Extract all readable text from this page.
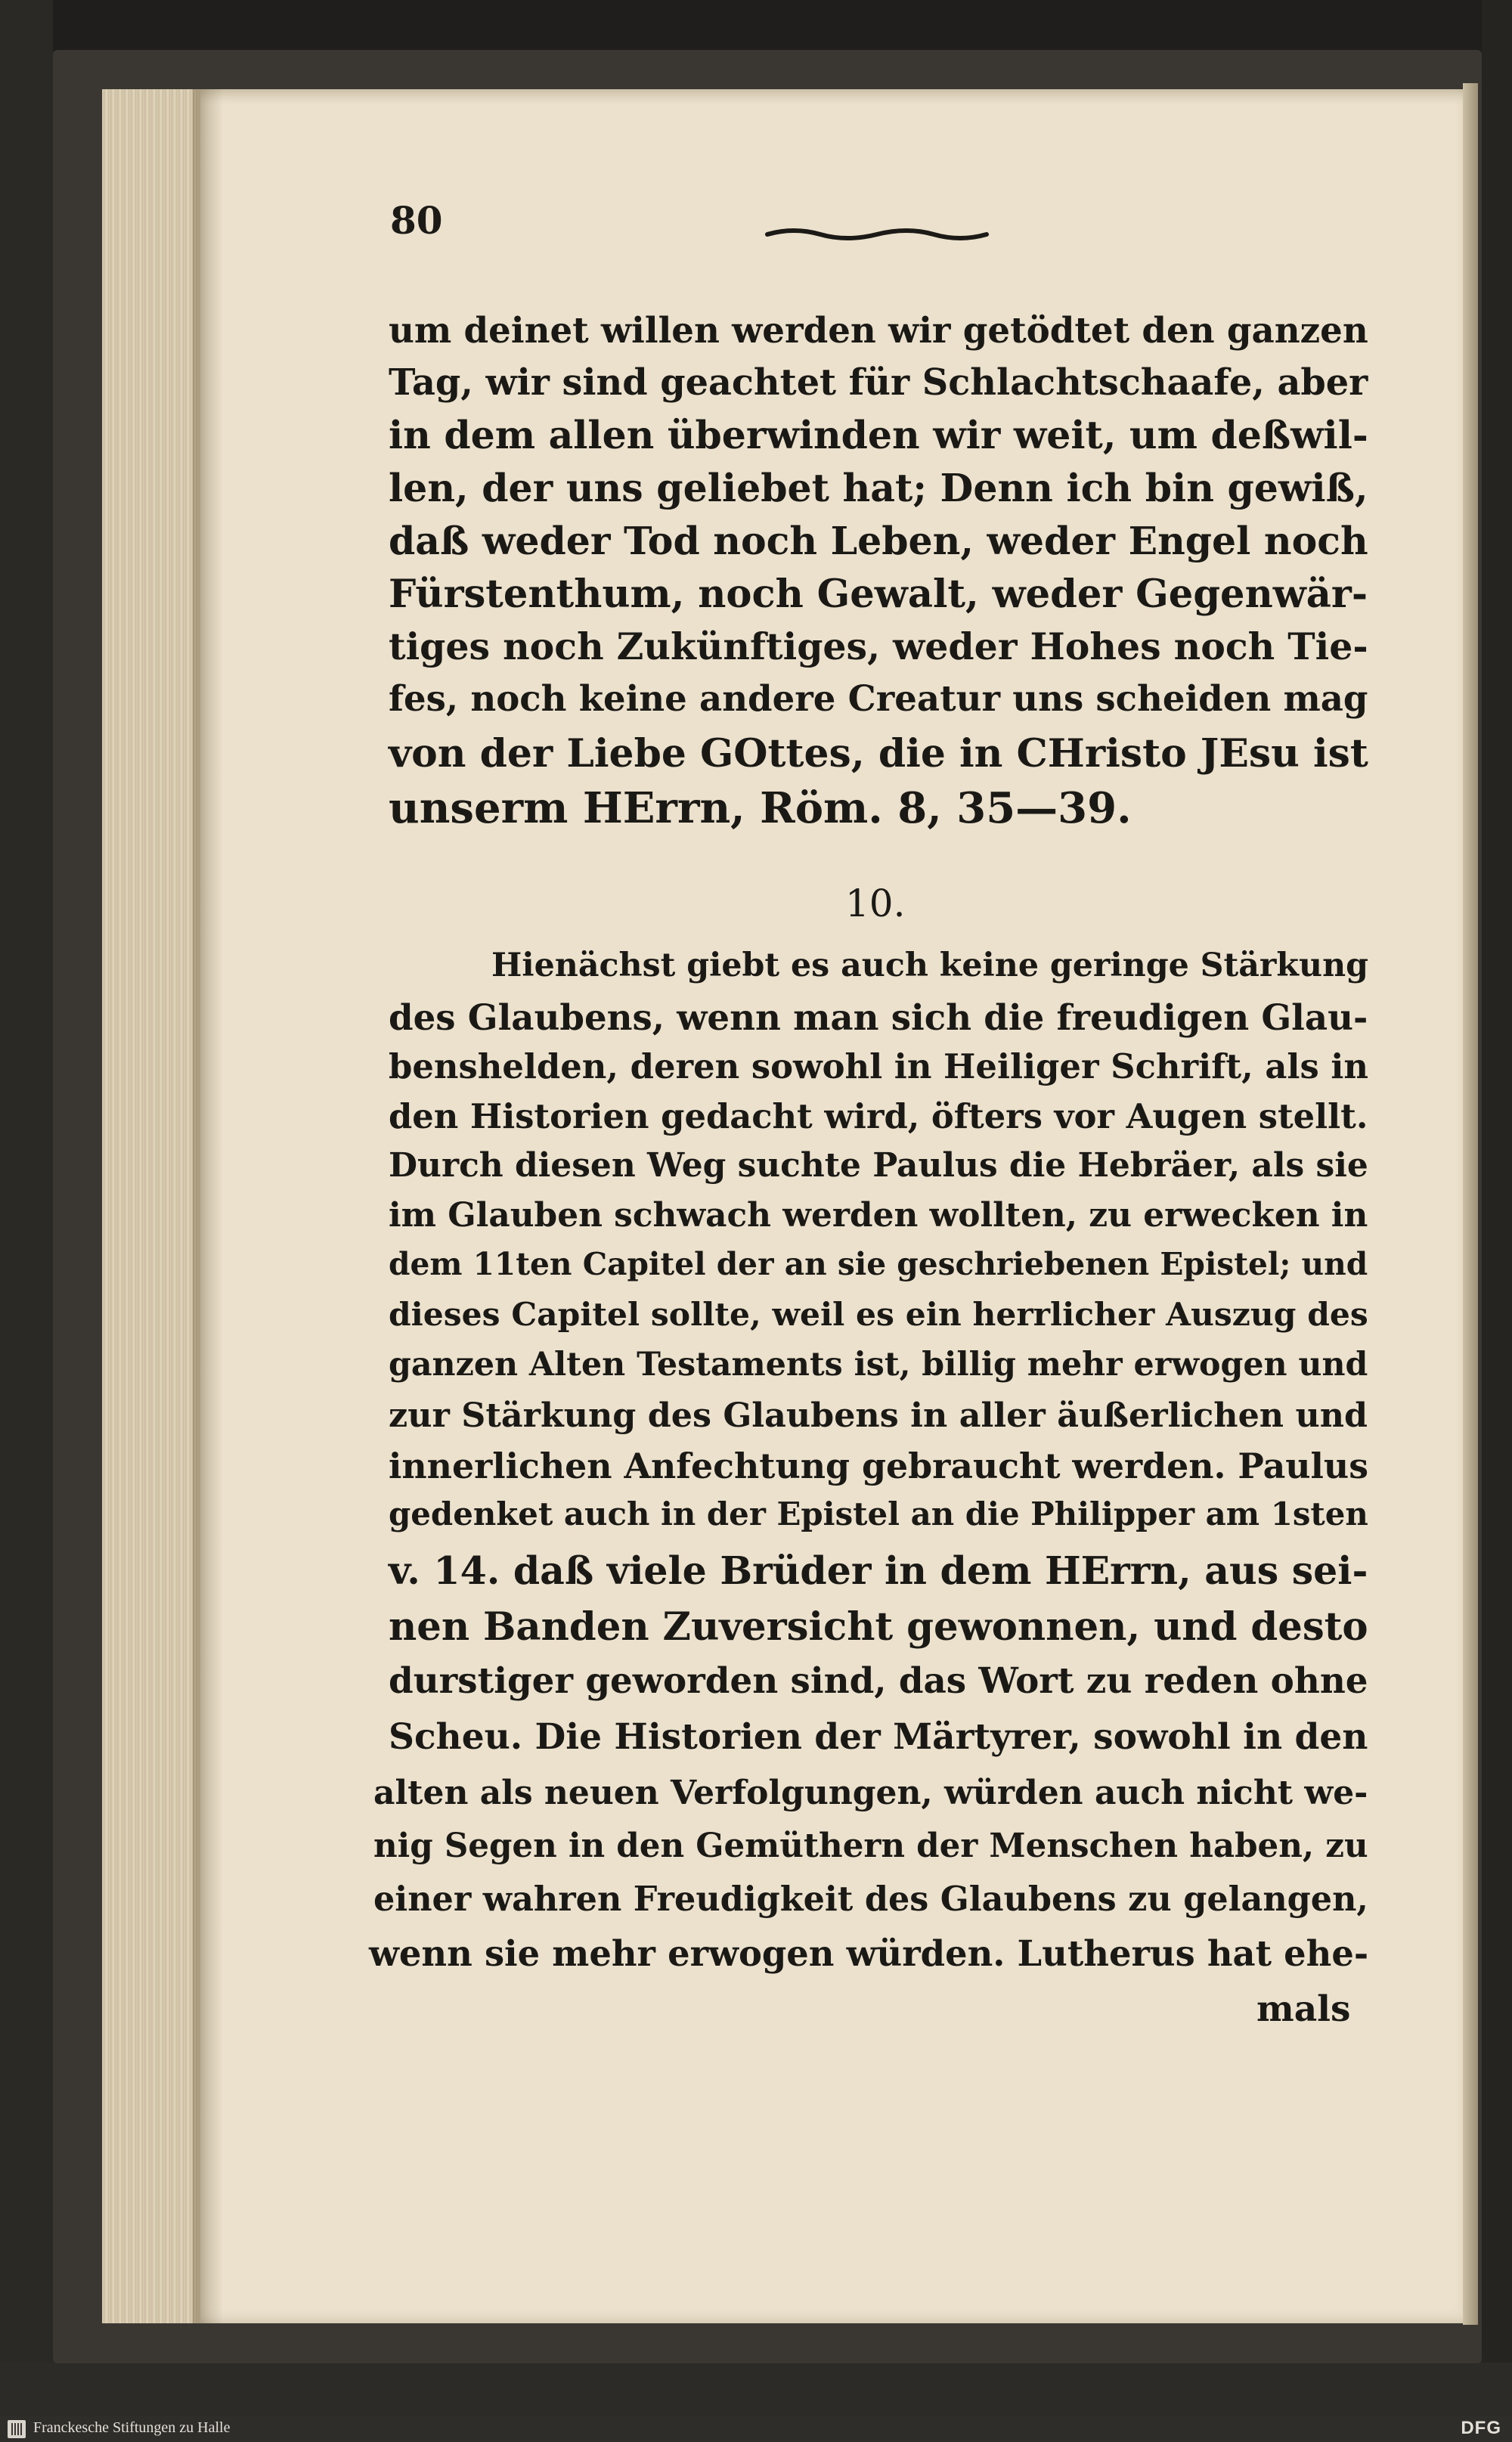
80
um deinet willen werden wir getödtet den ganzen
Tag, wir sind geachtet für Schlachtschaafe, aber
in dem allen überwinden wir weit, um deßwil-
len, der uns geliebet hat; Denn ich bin gewiß,
daß weder Tod noch Leben, weder Engel noch
Fürstenthum, noch Gewalt, weder Gegenwär-
tiges noch Zukünftiges, weder Hohes noch Tie-
fes, noch keine andere Creatur uns scheiden mag
von der Liebe GOttes, die in CHristo JEsu ist
unserm HErrn, Röm. 8, 35—39.
10.
Hienächst giebt es auch keine geringe Stärkung
des Glaubens, wenn man sich die freudigen Glau-
benshelden, deren sowohl in Heiliger Schrift, als in
den Historien gedacht wird, öfters vor Augen stellt.
Durch diesen Weg suchte Paulus die Hebräer, als sie
im Glauben schwach werden wollten, zu erwecken in
dem 11ten Capitel der an sie geschriebenen Epistel; und
dieses Capitel sollte, weil es ein herrlicher Auszug des
ganzen Alten Testaments ist, billig mehr erwogen und
zur Stärkung des Glaubens in aller äußerlichen und
innerlichen Anfechtung gebraucht werden. Paulus
gedenket auch in der Epistel an die Philipper am 1sten
v. 14. daß viele Brüder in dem HErrn, aus sei-
nen Banden Zuversicht gewonnen, und desto
durstiger geworden sind, das Wort zu reden ohne
Scheu. Die Historien der Märtyrer, sowohl in den
alten als neuen Verfolgungen, würden auch nicht we-
nig Segen in den Gemüthern der Menschen haben, zu
einer wahren Freudigkeit des Glaubens zu gelangen,
wenn sie mehr erwogen würden. Lutherus hat ehe-
mals
Franckesche Stiftungen zu Halle	DFG
